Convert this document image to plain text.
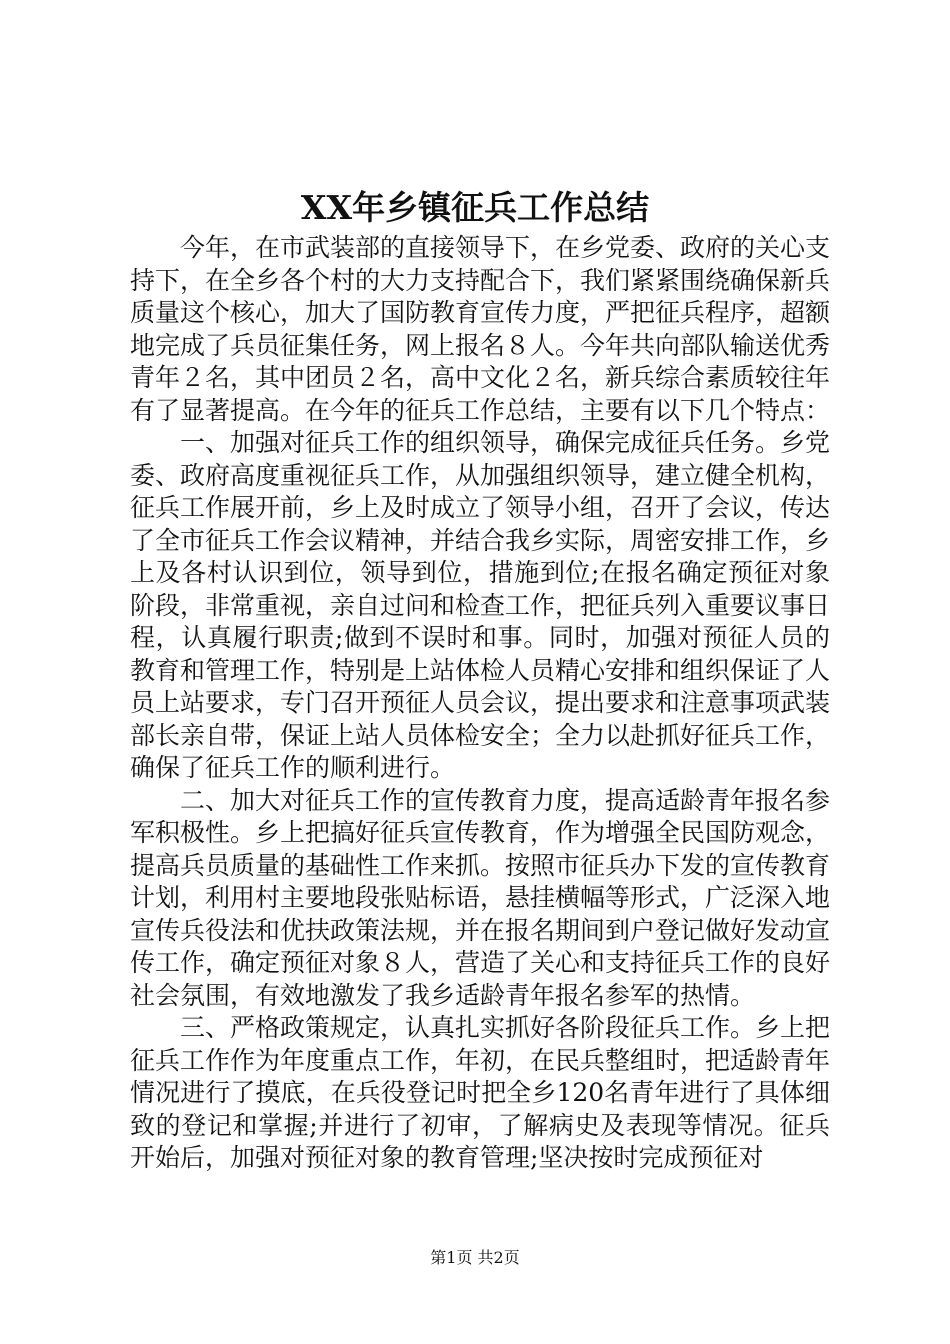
XX年乡镇征兵工作总结

今年，在市武装部的直接领导下，在乡党委、政府的关心支持下，在全乡各个村的大力支持配合下，我们紧紧围绕确保新兵质量这个核心，加大了国防教育宣传力度，严把征兵程序，超额地完成了兵员征集任务，网上报名８人。今年共向部队输送优秀青年２名，其中团员２名，高中文化２名，新兵综合素质较往年有了显著提高。在今年的征兵工作总结，主要有以下几个特点：

一、加强对征兵工作的组织领导，确保完成征兵任务。乡党委、政府高度重视征兵工作，从加强组织领导，建立健全机构，征兵工作展开前，乡上及时成立了领导小组，召开了会议，传达了全市征兵工作会议精神，并结合我乡实际，周密安排工作，乡上及各村认识到位，领导到位，措施到位;在报名确定预征对象阶段，非常重视，亲自过问和检查工作，把征兵列入重要议事日程，认真履行职责;做到不误时和事。同时，加强对预征人员的教育和管理工作，特别是上站体检人员精心安排和组织保证了人员上站要求，专门召开预征人员会议，提出要求和注意事项武装部长亲自带，保证上站人员体检安全；全力以赴抓好征兵工作，确保了征兵工作的顺利进行。

二、加大对征兵工作的宣传教育力度，提高适龄青年报名参军积极性。乡上把搞好征兵宣传教育，作为增强全民国防观念，提高兵员质量的基础性工作来抓。按照市征兵办下发的宣传教育计划，利用村主要地段张贴标语，悬挂横幅等形式，广泛深入地宣传兵役法和优扶政策法规，并在报名期间到户登记做好发动宣传工作，确定预征对象８人，营造了关心和支持征兵工作的良好社会氛围，有效地激发了我乡适龄青年报名参军的热情。

三、严格政策规定，认真扎实抓好各阶段征兵工作。乡上把征兵工作作为年度重点工作，年初，在民兵整组时，把适龄青年情况进行了摸底，在兵役登记时把全乡120名青年进行了具体细致的登记和掌握;并进行了初审，了解病史及表现等情况。征兵开始后，加强对预征对象的教育管理;坚决按时完成预征对

第1页 共2页
